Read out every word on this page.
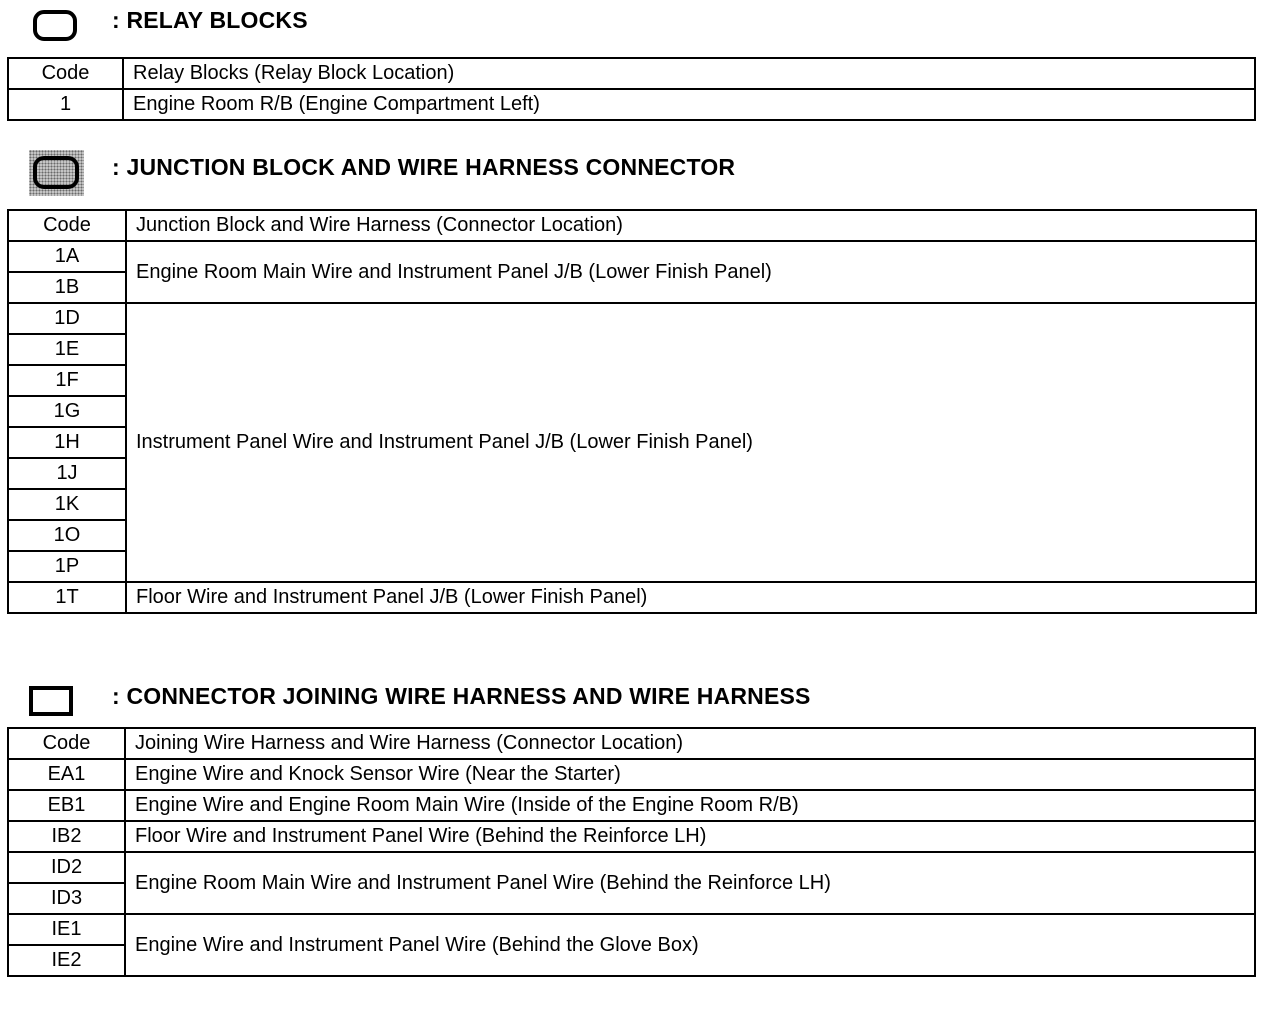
: RELAY BLOCKS
Code	Relay Blocks (Relay Block Location)
1	Engine Room R/B (Engine Compartment Left)
: JUNCTION BLOCK AND WIRE HARNESS CONNECTOR
Code	Junction Block and Wire Harness (Connector Location)
1A	Engine Room Main Wire and Instrument Panel J/B (Lower Finish Panel)
1B	
1D	Instrument Panel Wire and Instrument Panel J/B (Lower Finish Panel)
1E	
1F	
1G	
1H	
1J	
1K	
1O	
1P	
1T	Floor Wire and Instrument Panel J/B (Lower Finish Panel)
: CONNECTOR JOINING WIRE HARNESS AND WIRE HARNESS
Code	Joining Wire Harness and Wire Harness (Connector Location)
EA1	Engine Wire and Knock Sensor Wire (Near the Starter)
EB1	Engine Wire and Engine Room Main Wire (Inside of the Engine Room R/B)
IB2	Floor Wire and Instrument Panel Wire (Behind the Reinforce LH)
ID2	Engine Room Main Wire and Instrument Panel Wire (Behind the Reinforce LH)
ID3	
IE1	Engine Wire and Instrument Panel Wire (Behind the Glove Box)
IE2	
